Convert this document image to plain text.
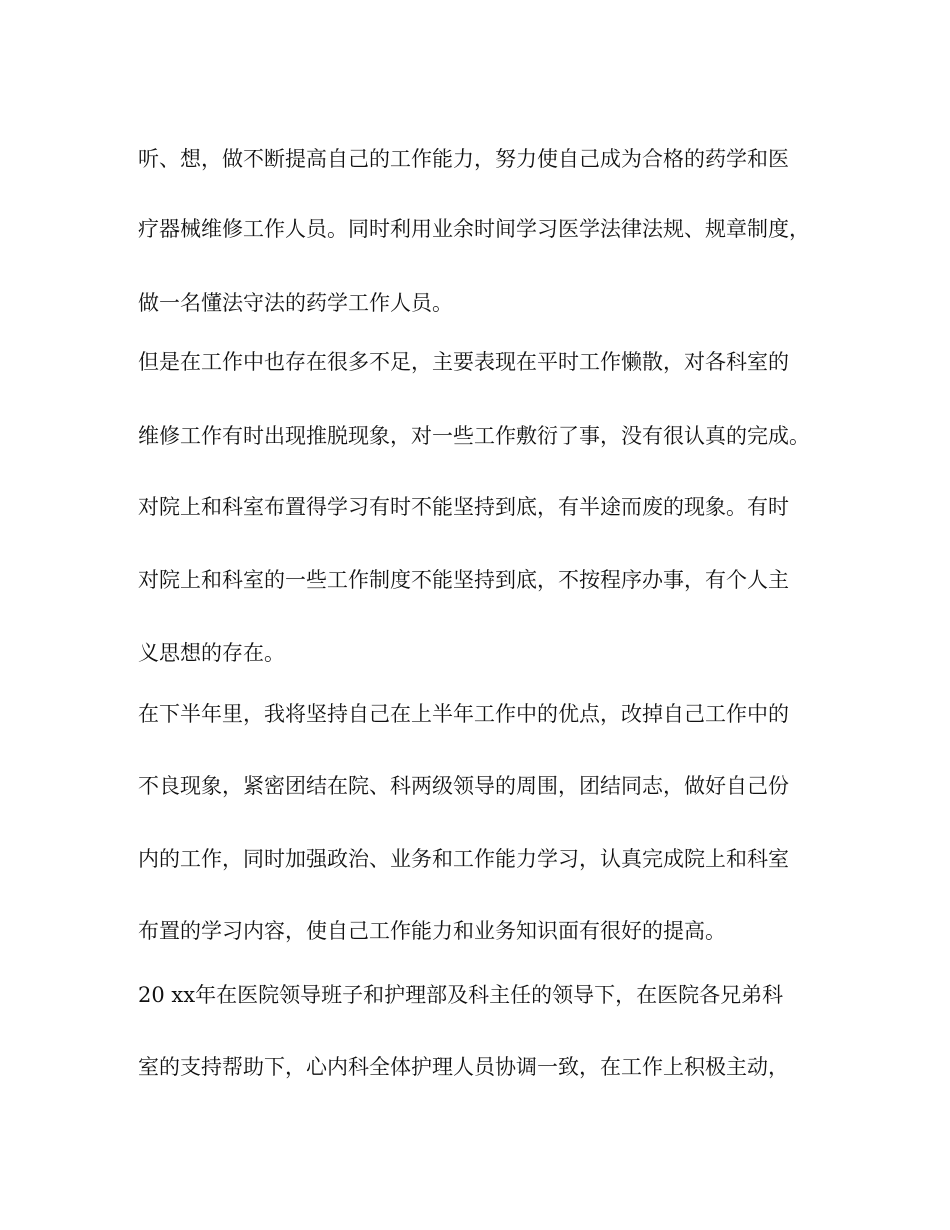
听、想，做不断提高自己的工作能力，努力使自己成为合格的药学和医

疗器械维修工作人员。同时利用业余时间学习医学法律法规、规章制度，

做一名懂法守法的药学工作人员。

但是在工作中也存在很多不足，主要表现在平时工作懒散，对各科室的

维修工作有时出现推脱现象，对一些工作敷衍了事，没有很认真的完成。

对院上和科室布置得学习有时不能坚持到底，有半途而废的现象。有时

对院上和科室的一些工作制度不能坚持到底，不按程序办事，有个人主

义思想的存在。

在下半年里，我将坚持自己在上半年工作中的优点，改掉自己工作中的

不良现象，紧密团结在院、科两级领导的周围，团结同志，做好自己份

内的工作，同时加强政治、业务和工作能力学习，认真完成院上和科室

布置的学习内容，使自己工作能力和业务知识面有很好的提高。

20 xx年在医院领导班子和护理部及科主任的领导下，在医院各兄弟科

室的支持帮助下，心内科全体护理人员协调一致，在工作上积极主动，
